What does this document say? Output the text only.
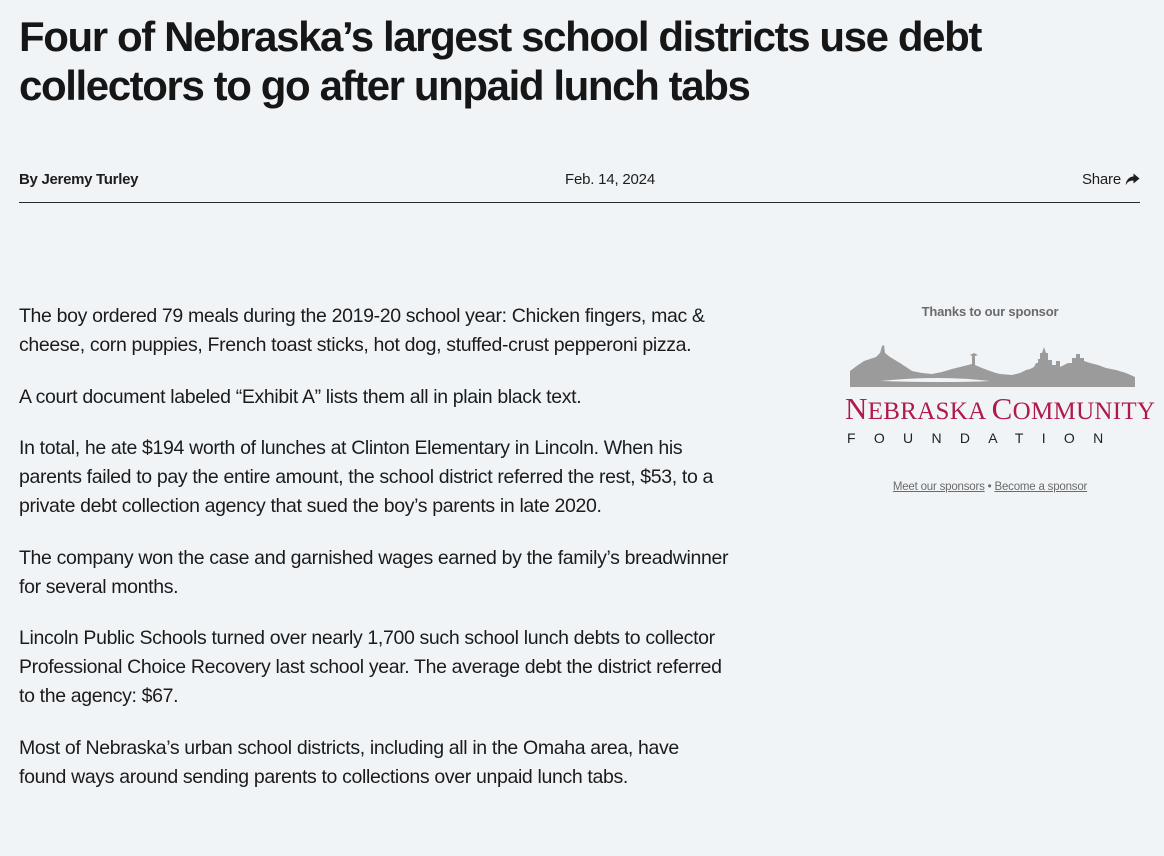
Four of Nebraska’s largest school districts use debt collectors to go after unpaid lunch tabs
By Jeremy Turley	Feb. 14, 2024	Share

The boy ordered 79 meals during the 2019-20 school year: Chicken fingers, mac & cheese, corn puppies, French toast sticks, hot dog, stuffed-crust pepperoni pizza.

A court document labeled “Exhibit A” lists them all in plain black text.

In total, he ate $194 worth of lunches at Clinton Elementary in Lincoln. When his parents failed to pay the entire amount, the school district referred the rest, $53, to a private debt collection agency that sued the boy’s parents in late 2020.

The company won the case and garnished wages earned by the family’s breadwinner for several months.

Lincoln Public Schools turned over nearly 1,700 such school lunch debts to collector Professional Choice Recovery last school year. The average debt the district referred to the agency: $67.

Most of Nebraska’s urban school districts, including all in the Omaha area, have found ways around sending parents to collections over unpaid lunch tabs.

Thanks to our sponsor
NEBRASKA COMMUNITY
FOUNDATION
Meet our sponsors • Become a sponsor
